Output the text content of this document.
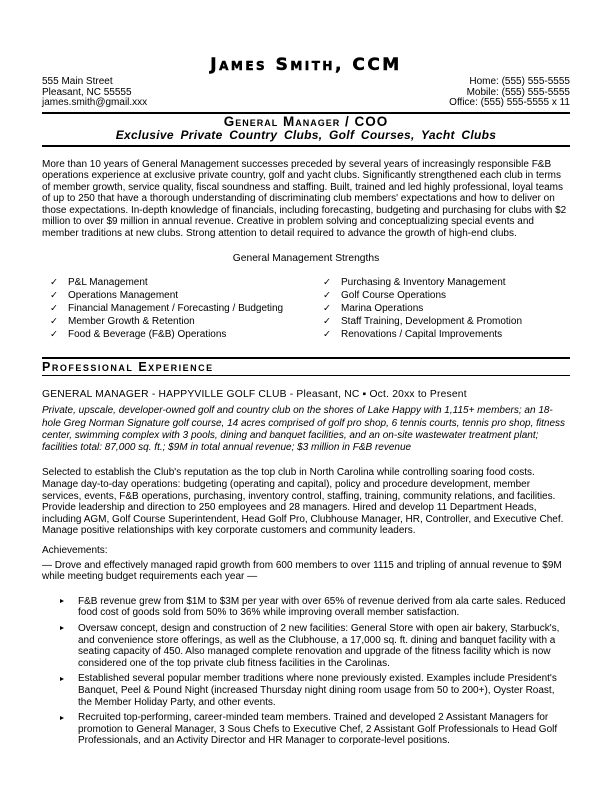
James Smith, CCM
555 Main Street
Pleasant, NC 55555
james.smith@gmail.xxx
Home: (555) 555-5555
Mobile: (555) 555-5555
Office: (555) 555-5555 x 11
General Manager / COO
Exclusive Private Country Clubs, Golf Courses, Yacht Clubs
More than 10 years of General Management successes preceded by several years of increasingly responsible F&B operations experience at exclusive private country, golf and yacht clubs. Significantly strengthened each club in terms of member growth, service quality, fiscal soundness and staffing. Built, trained and led highly professional, loyal teams of up to 250 that have a thorough understanding of discriminating club members' expectations and how to deliver on those expectations. In-depth knowledge of financials, including forecasting, budgeting and purchasing for clubs with $2 million to over $9 million in annual revenue. Creative in problem solving and conceptualizing special events and member traditions at new clubs. Strong attention to detail required to advance the growth of high-end clubs.
General Management Strengths
✓ P&L Management
✓ Operations Management
✓ Financial Management / Forecasting / Budgeting
✓ Member Growth & Retention
✓ Food & Beverage (F&B) Operations
✓ Purchasing & Inventory Management
✓ Golf Course Operations
✓ Marina Operations
✓ Staff Training, Development & Promotion
✓ Renovations / Capital Improvements
Professional Experience
GENERAL MANAGER - HAPPYVILLE GOLF CLUB - Pleasant, NC ▪ Oct. 20xx to Present
Private, upscale, developer-owned golf and country club on the shores of Lake Happy with 1,115+ members; an 18-hole Greg Norman Signature golf course, 14 acres comprised of golf pro shop, 6 tennis courts, tennis pro shop, fitness center, swimming complex with 3 pools, dining and banquet facilities, and an on-site wastewater treatment plant; facilities total: 87,000 sq. ft.; $9M in total annual revenue; $3 million in F&B revenue
Selected to establish the Club's reputation as the top club in North Carolina while controlling soaring food costs. Manage day-to-day operations: budgeting (operating and capital), policy and procedure development, member services, events, F&B operations, purchasing, inventory control, staffing, training, community relations, and facilities. Provide leadership and direction to 250 employees and 28 managers. Hired and develop 11 Department Heads, including AGM, Golf Course Superintendent, Head Golf Pro, Clubhouse Manager, HR, Controller, and Executive Chef. Manage positive relationships with key corporate customers and community leaders.
Achievements:
— Drove and effectively managed rapid growth from 600 members to over 1115 and tripling of annual revenue to $9M while meeting budget requirements each year —
F&B revenue grew from $1M to $3M per year with over 65% of revenue derived from ala carte sales. Reduced food cost of goods sold from 50% to 36% while improving overall member satisfaction.
Oversaw concept, design and construction of 2 new facilities: General Store with open air bakery, Starbuck's, and convenience store offerings, as well as the Clubhouse, a 17,000 sq. ft. dining and banquet facility with a seating capacity of 450. Also managed complete renovation and upgrade of the fitness facility which is now considered one of the top private club fitness facilities in the Carolinas.
Established several popular member traditions where none previously existed. Examples include President's Banquet, Peel & Pound Night (increased Thursday night dining room usage from 50 to 200+), Oyster Roast, the Member Holiday Party, and other events.
Recruited top-performing, career-minded team members. Trained and developed 2 Assistant Managers for promotion to General Manager, 3 Sous Chefs to Executive Chef, 2 Assistant Golf Professionals to Head Golf Professionals, and an Activity Director and HR Manager to corporate-level positions.
